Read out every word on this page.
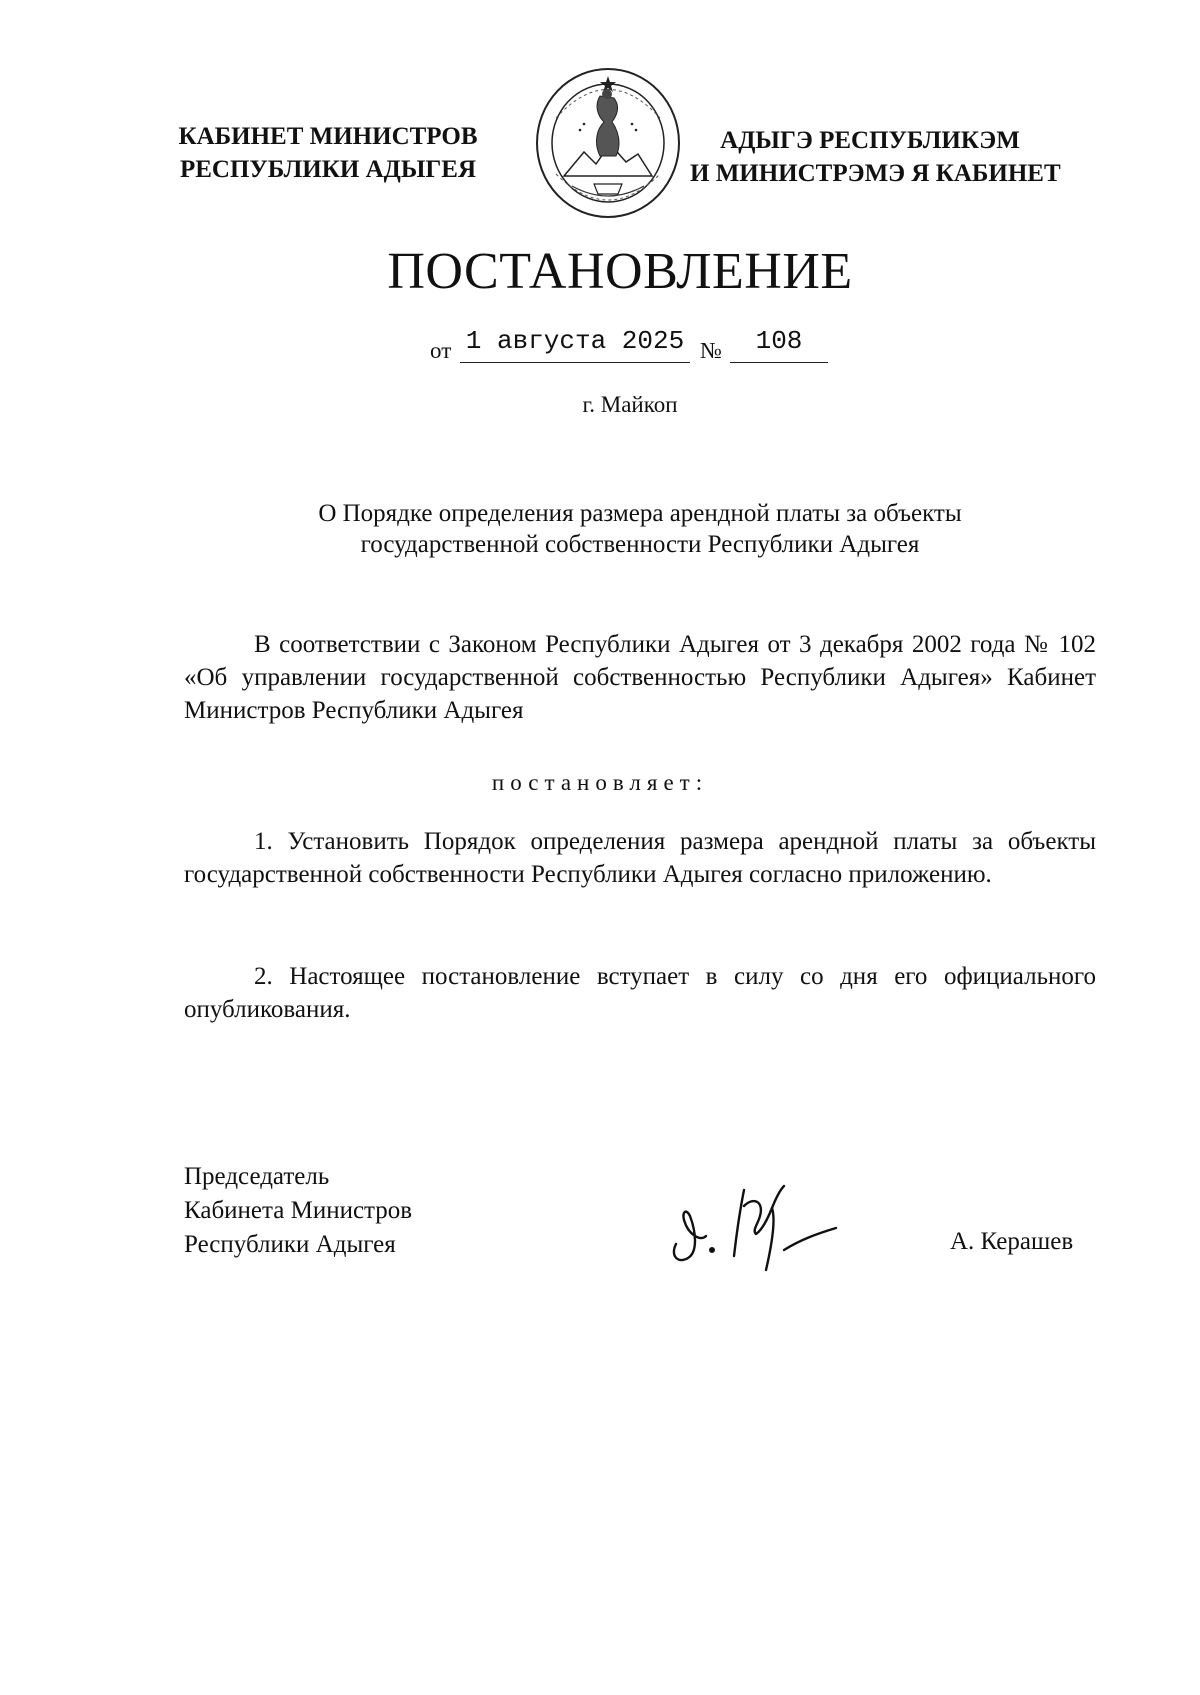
КАБИНЕТ МИНИСТРОВ
РЕСПУБЛИКИ АДЫГЕЯ
АДЫГЭ РЕСПУБЛИКЭМ
И МИНИСТРЭМЭ Я КАБИНЕТ
ПОСТАНОВЛЕНИЕ
от 1 августа 2025 №	108
г. Майкоп
О Порядке определения размера арендной платы за объекты
государственной собственности Республики Адыгея
В соответствии с Законом Республики Адыгея от 3 декабря 2002 года № 102 «Об управлении государственной собственностью Республики Адыгея» Кабинет Министров Республики Адыгея
постановляет:
1. Установить Порядок определения размера арендной платы за объекты государственной собственности Республики Адыгея согласно приложению.
2. Настоящее постановление вступает в силу со дня его официального опубликования.
Председатель
Кабинета Министров
Республики Адыгея	А. Керашев
